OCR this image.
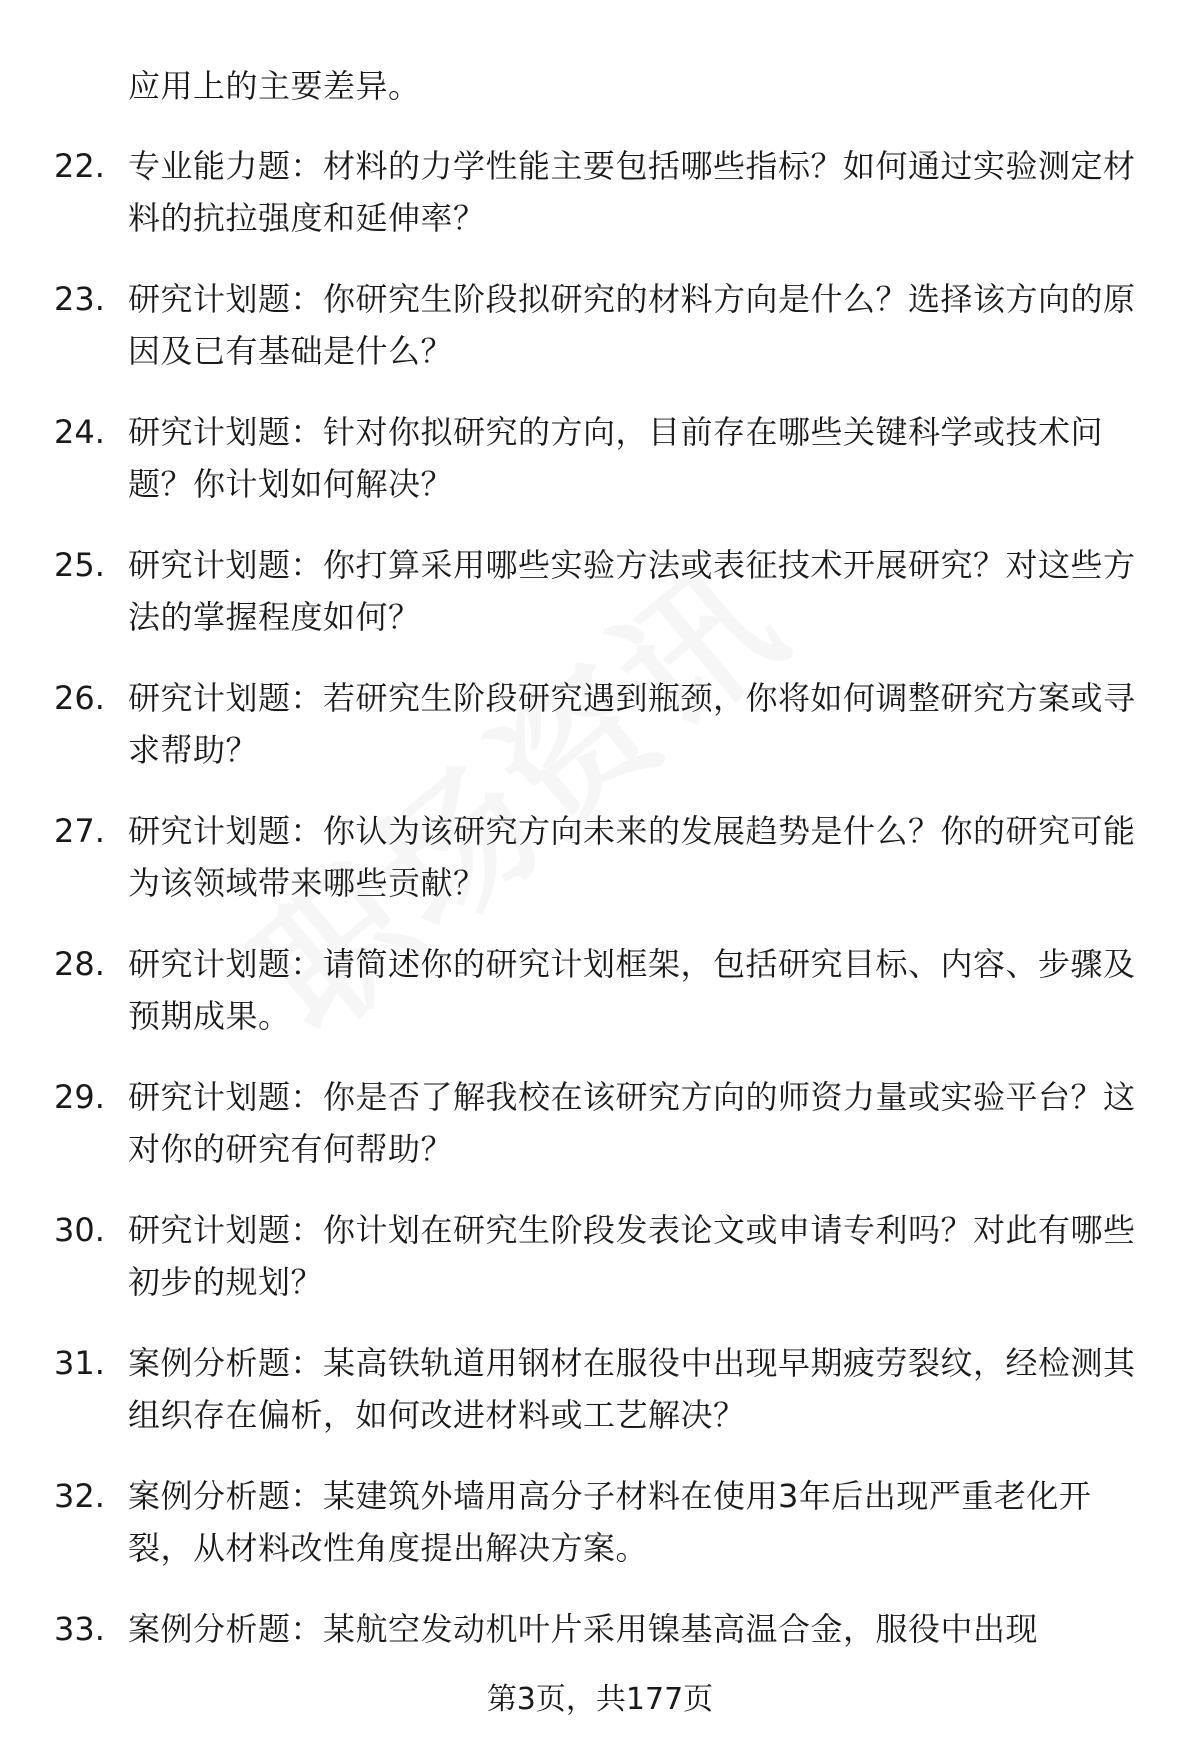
应用上的主要差异。

22. 专业能力题：材料的力学性能主要包括哪些指标？如何通过实验测定材料的抗拉强度和延伸率？

23. 研究计划题：你研究生阶段拟研究的材料方向是什么？选择该方向的原因及已有基础是什么？

24. 研究计划题：针对你拟研究的方向，目前存在哪些关键科学或技术问题？你计划如何解决？

25. 研究计划题：你打算采用哪些实验方法或表征技术开展研究？对这些方法的掌握程度如何？

26. 研究计划题：若研究生阶段研究遇到瓶颈，你将如何调整研究方案或寻求帮助？

27. 研究计划题：你认为该研究方向未来的发展趋势是什么？你的研究可能为该领域带来哪些贡献？

28. 研究计划题：请简述你的研究计划框架，包括研究目标、内容、步骤及预期成果。

29. 研究计划题：你是否了解我校在该研究方向的师资力量或实验平台？这对你的研究有何帮助？

30. 研究计划题：你计划在研究生阶段发表论文或申请专利吗？对此有哪些初步的规划？

31. 案例分析题：某高铁轨道用钢材在服役中出现早期疲劳裂纹，经检测其组织存在偏析，如何改进材料或工艺解决？

32. 案例分析题：某建筑外墙用高分子材料在使用3年后出现严重老化开裂，从材料改性角度提出解决方案。

33. 案例分析题：某航空发动机叶片采用镍基高温合金，服役中出现

第3页，共177页
